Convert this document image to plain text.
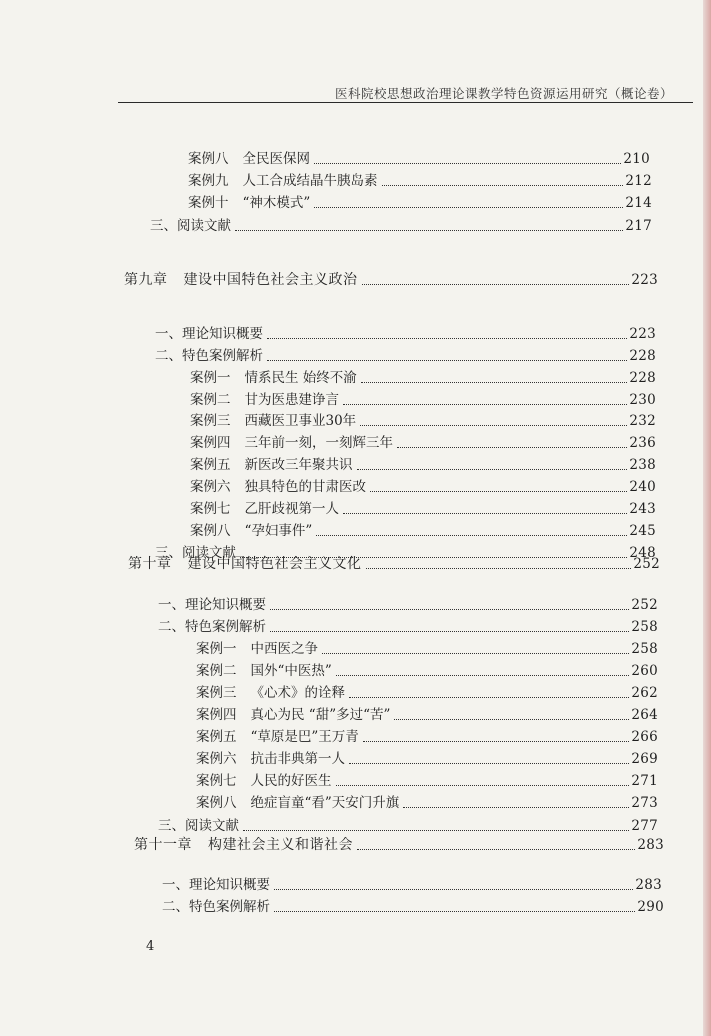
医科院校思想政治理论课教学特色资源运用研究（概论卷）
案例八 全民医保网	210
案例九 人工合成结晶牛胰岛素	212
案例十 “神木模式”	214
三、阅读文献	217
第九章 建设中国特色社会主义政治	223
一、理论知识概要	223
二、特色案例解析	228
案例一 情系民生 始终不渝	228
案例二 甘为医患建诤言	230
案例三 西藏医卫事业30年	232
案例四 三年前一刻，一刻辉三年	236
案例五 新医改三年聚共识	238
案例六 独具特色的甘肃医改	240
案例七 乙肝歧视第一人	243
案例八 “孕妇事件”	245
三、阅读文献	248
第十章 建设中国特色社会主义文化	252
一、理论知识概要	252
二、特色案例解析	258
案例一 中西医之争	258
案例二 国外“中医热”	260
案例三 《心术》的诠释	262
案例四 真心为民 “甜”多过“苦”	264
案例五 “草原是巴”王万青	266
案例六 抗击非典第一人	269
案例七 人民的好医生	271
案例八 绝症盲童“看”天安门升旗	273
三、阅读文献	277
第十一章 构建社会主义和谐社会	283
一、理论知识概要	283
二、特色案例解析	290
4
